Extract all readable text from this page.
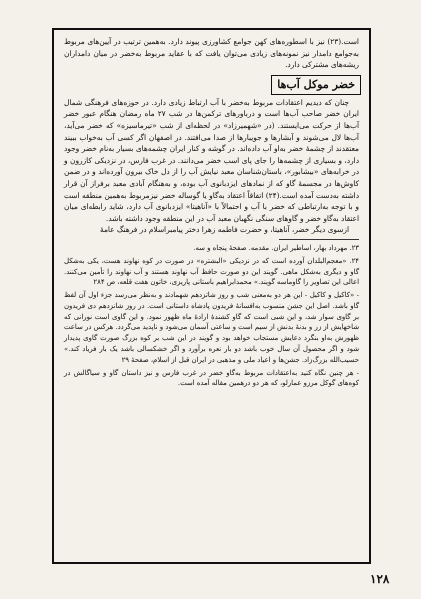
است.(۲۳) نیز با اسطوره‌های کهن جوامع کشاورزی پیوند دارد. به‌همین ترتیب در آیین‌های مربوط به‌جوامع دامدار نیز نمونه‌های زیادی می‌توان یافت که با عقاید مربوط به‌خضر در میان دامداران ریشه‌های مشترکی دارد.

خضر موکل آب‌ها

چنان که دیدیم اعتقادات مربوط به‌خضر با آب ارتباط زیادی دارد. در حوزه‌های فرهنگی شمال ایران خضر صاحب آب‌ها است و درباورهای ترکمن‌ها در شب ۲۷ ماه رمضان هنگام عبور خضر آب‌ها از حرکت می‌ایستند. (در «شهمیرزاد» در لحظه‌ای از شب «تیرماسیزه» که خضر می‌آید، آب‌ها لال می‌شوند و آبشارها و جویبارها از صدا می‌افتند. در اصفهان اگر کسی آب به‌خواب ببیند معتقدند از چشمهٔ خضر به‌او آب داده‌اند. در گوشه و کنار ایران چشمه‌های بسیار به‌نام خضر وجود دارد، و بسیاری از چشمه‌ها را جای پای اسب خضر می‌دانند. در غرب فارس، در نزدیکی کازرون و در خرابه‌های «بیشابور»، باستان‌شناسان معبد نیایش آب را از دل خاک بیرون آورده‌اند و در ضمن کاوش‌ها در مجسمهٔ گاو که از نمادهای ایزدبانوی آب بوده، و به‌هنگام آبادی معبد برفراز آن قرار داشته به‌دست آمده است.(۲۴) اتفاقاً اعتقاد به‌گاو یا گوساله خضر نیزمربوط به‌همین منطقه است و با توجه به‌ارتباطی که خضر با آب و احتمالاً با «آناهیتا» ایزدبانوی آب دارد، شاید رابطه‌ای میان اعتقاد به‌گاو خضر و گاوهای سنگی نگهبان معبد آب در این منطقه وجود داشته باشد.

ازسوی دیگر خضر، آناهیتا، و حضرت فاطمه زهرا دختر پیامبراسلام در فرهنگ عامهٔ

۲۳. مهرداد بهار، اساطیر ایران. مقدمه. صفحهٔ پنجاه و سه.

۲۴. «معجم‌البلدان آورده است که در نزدیکی «البشتره» در صورت در کوه نهاوند هست، یکی به‌شکل گاو و دیگری به‌شکل ماهی. گویند این دو صورت حافظ آب نهاوند هستند و آب نهاوند را تأمین می‌کنند. اعالی این تصاویر را گاوماسه گویند.» محمدابراهیم باستانی پاریزی، خاتون هفت قلعه، ص ۲۸۴

- «کاکیل و کاکیل - این هر دو به‌معنی شب و روز شاتزدهم شهمادند و به‌نظر می‌رسد جزء اول آن لفظ گاو باشد. اصل این جشن منسوب به‌افسانهٔ فریدون پادشاه داستانی است. در روز شانزدهم دی فریدون بر گاوی سوار شد، و این شبی است که گاو کشندهٔ ارادهٔ ماه ظهور نمود. و این گاوی است نورانی که شاخهایش از زر و بدنهٔ بدنش از سیم است و ساعتی آسمان می‌شود و ناپدید می‌گردد. هرکس در ساعت ظهورش به‌او بنگرد دعایش مستجاب خواهد بود و گویند در این شب بر کوه بزرگ صورت گاوی پدیدار شود و اگر محصول آن سال خوب باشد دو بار نعره برآورد و اگر خشکسالی باشد یک بار فریاد کند.» حسیب‌الله بزرگ‌زاد. جشن‌ها و اعیاد ملی و مذهبی در ایران قبل از اسلام، صفحهٔ ۲۹

- هر چنین نگاه کنید به‌اعتقادات مربوط به‌گاو خضر در غرب فارس و نیز داستان گاو و سیاگالش در کوه‌های گوکل مرزو عمارلو، که هر دو درهمین مقاله آمده است.

۱۲۸
